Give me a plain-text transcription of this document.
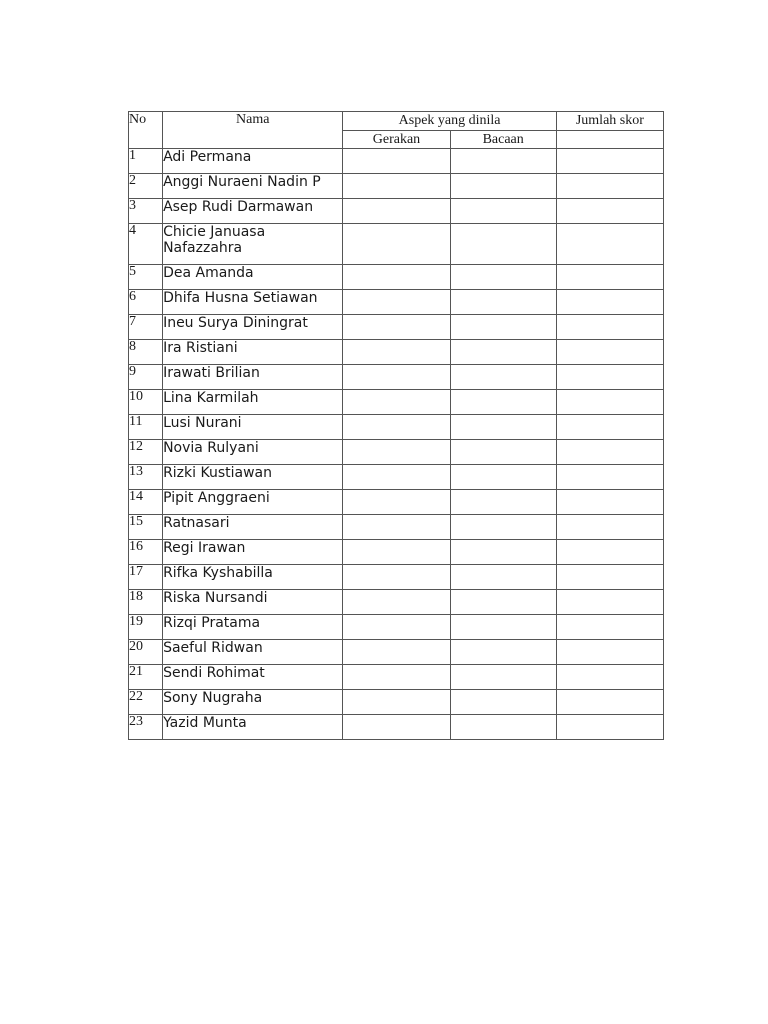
No	Nama	Aspek yang dinila		Jumlah skor
		Gerakan	Bacaan	
1	Adi Permana			
2	Anggi Nuraeni Nadin P			
3	Asep Rudi Darmawan			
4	Chicie Januasa Nafazzahra			
5	Dea Amanda			
6	Dhifa Husna Setiawan			
7	Ineu Surya Diningrat			
8	Ira Ristiani			
9	Irawati Brilian			
10	Lina Karmilah			
11	Lusi Nurani			
12	Novia Rulyani			
13	Rizki Kustiawan			
14	Pipit Anggraeni			
15	Ratnasari			
16	Regi Irawan			
17	Rifka Kyshabilla			
18	Riska Nursandi			
19	Rizqi Pratama			
20	Saeful Ridwan			
21	Sendi Rohimat			
22	Sony Nugraha			
23	Yazid Munta			
